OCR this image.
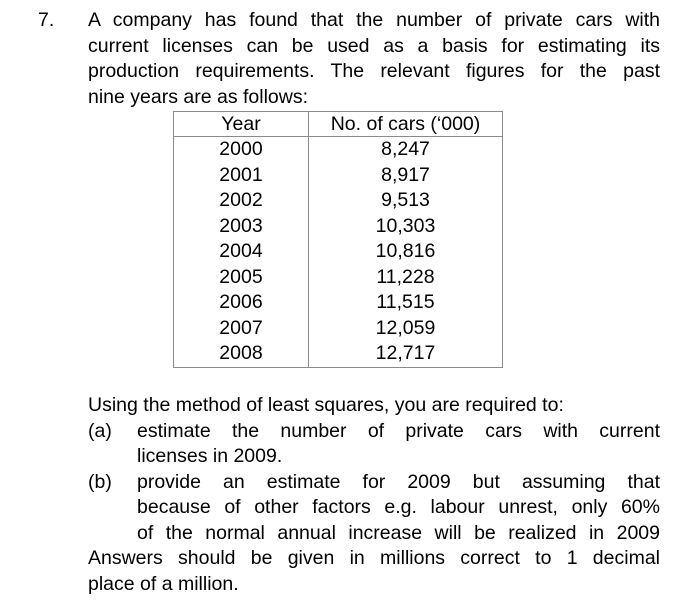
7. A company has found that the number of private cars with
current licenses can be used as a basis for estimating its
production requirements. The relevant figures for the past
nine years are as follows:
Year	No. of cars (‘000)
2000	8,247
2001	8,917
2002	9,513
2003	10,303
2004	10,816
2005	11,228
2006	11,515
2007	12,059
2008	12,717
Using the method of least squares, you are required to:
(a) estimate the number of private cars with current
licenses in 2009.
(b) provide an estimate for 2009 but assuming that
because of other factors e.g. labour unrest, only 60%
of the normal annual increase will be realized in 2009
Answers should be given in millions correct to 1 decimal
place of a million.
